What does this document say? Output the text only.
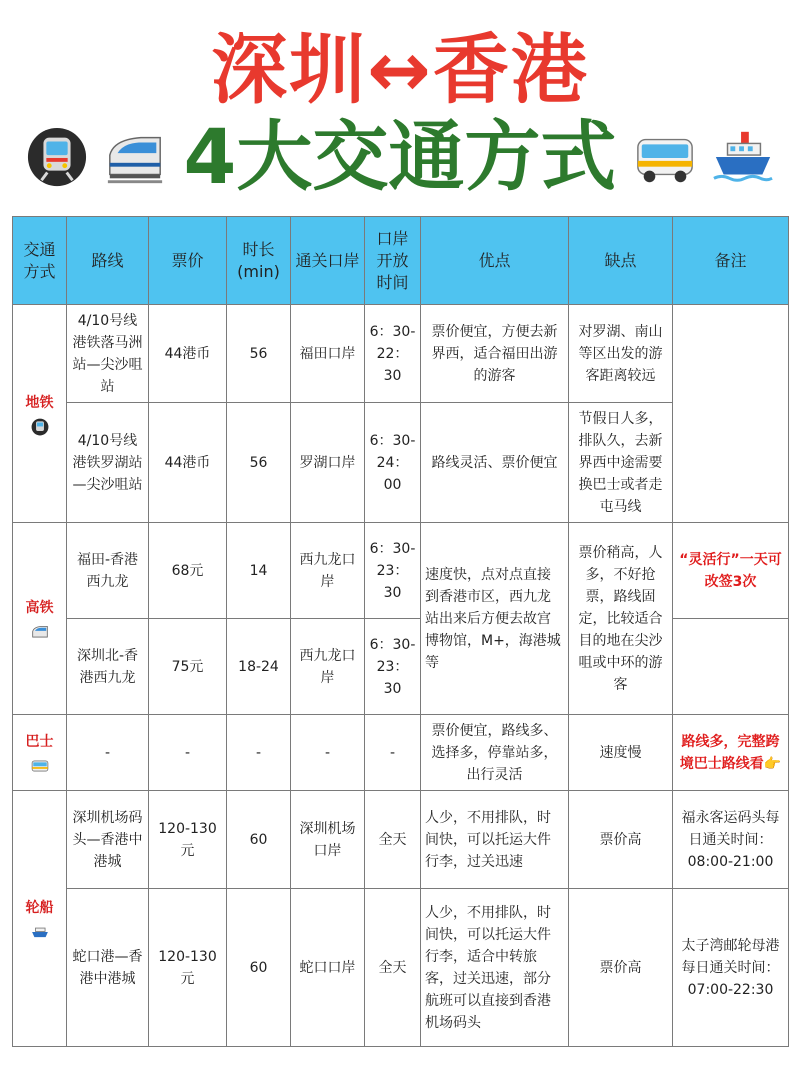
深圳↔香港
4大交通方式
交通方式	路线	票价	时长(min)	通关口岸	口岸开放时间	优点	缺点	备注
地铁	4/10号线港铁落马洲站—尖沙咀站	44港币	56	福田口岸	6：30-22：30	票价便宜，方便去新界西，适合福田出游的游客	对罗湖、南山等区出发的游客距离较远	
	4/10号线港铁罗湖站—尖沙咀站	44港币	56	罗湖口岸	6：30-24：00	路线灵活、票价便宜	节假日人多，排队久，去新界西中途需要换巴士或者走屯马线	
高铁	福田-香港西九龙	68元	14	西九龙口岸	6：30-23：30	速度快，点对点直接到香港市区，西九龙站出来后方便去故宫博物馆，M+，海港城等	票价稍高，人多，不好抢票，路线固定，比较适合目的地在尖沙咀或中环的游客	“灵活行”一天可改签3次
	深圳北-香港西九龙	75元	18-24	西九龙口岸	6：30-23：30			
巴士	-	-	-	-	-	票价便宜，路线多、选择多，停靠站多，出行灵活	速度慢	路线多，完整跨境巴士路线看👉
轮船	深圳机场码头—香港中港城	120-130元	60	深圳机场口岸	全天	人少，不用排队，时间快，可以托运大件行李，过关迅速	票价高	福永客运码头每日通关时间：08:00-21:00
	蛇口港—香港中港城	120-130元	60	蛇口口岸	全天	人少，不用排队，时间快，可以托运大件行李，适合中转旅客，过关迅速，部分航班可以直接到香港机场码头	票价高	太子湾邮轮母港每日通关时间：07:00-22:30
